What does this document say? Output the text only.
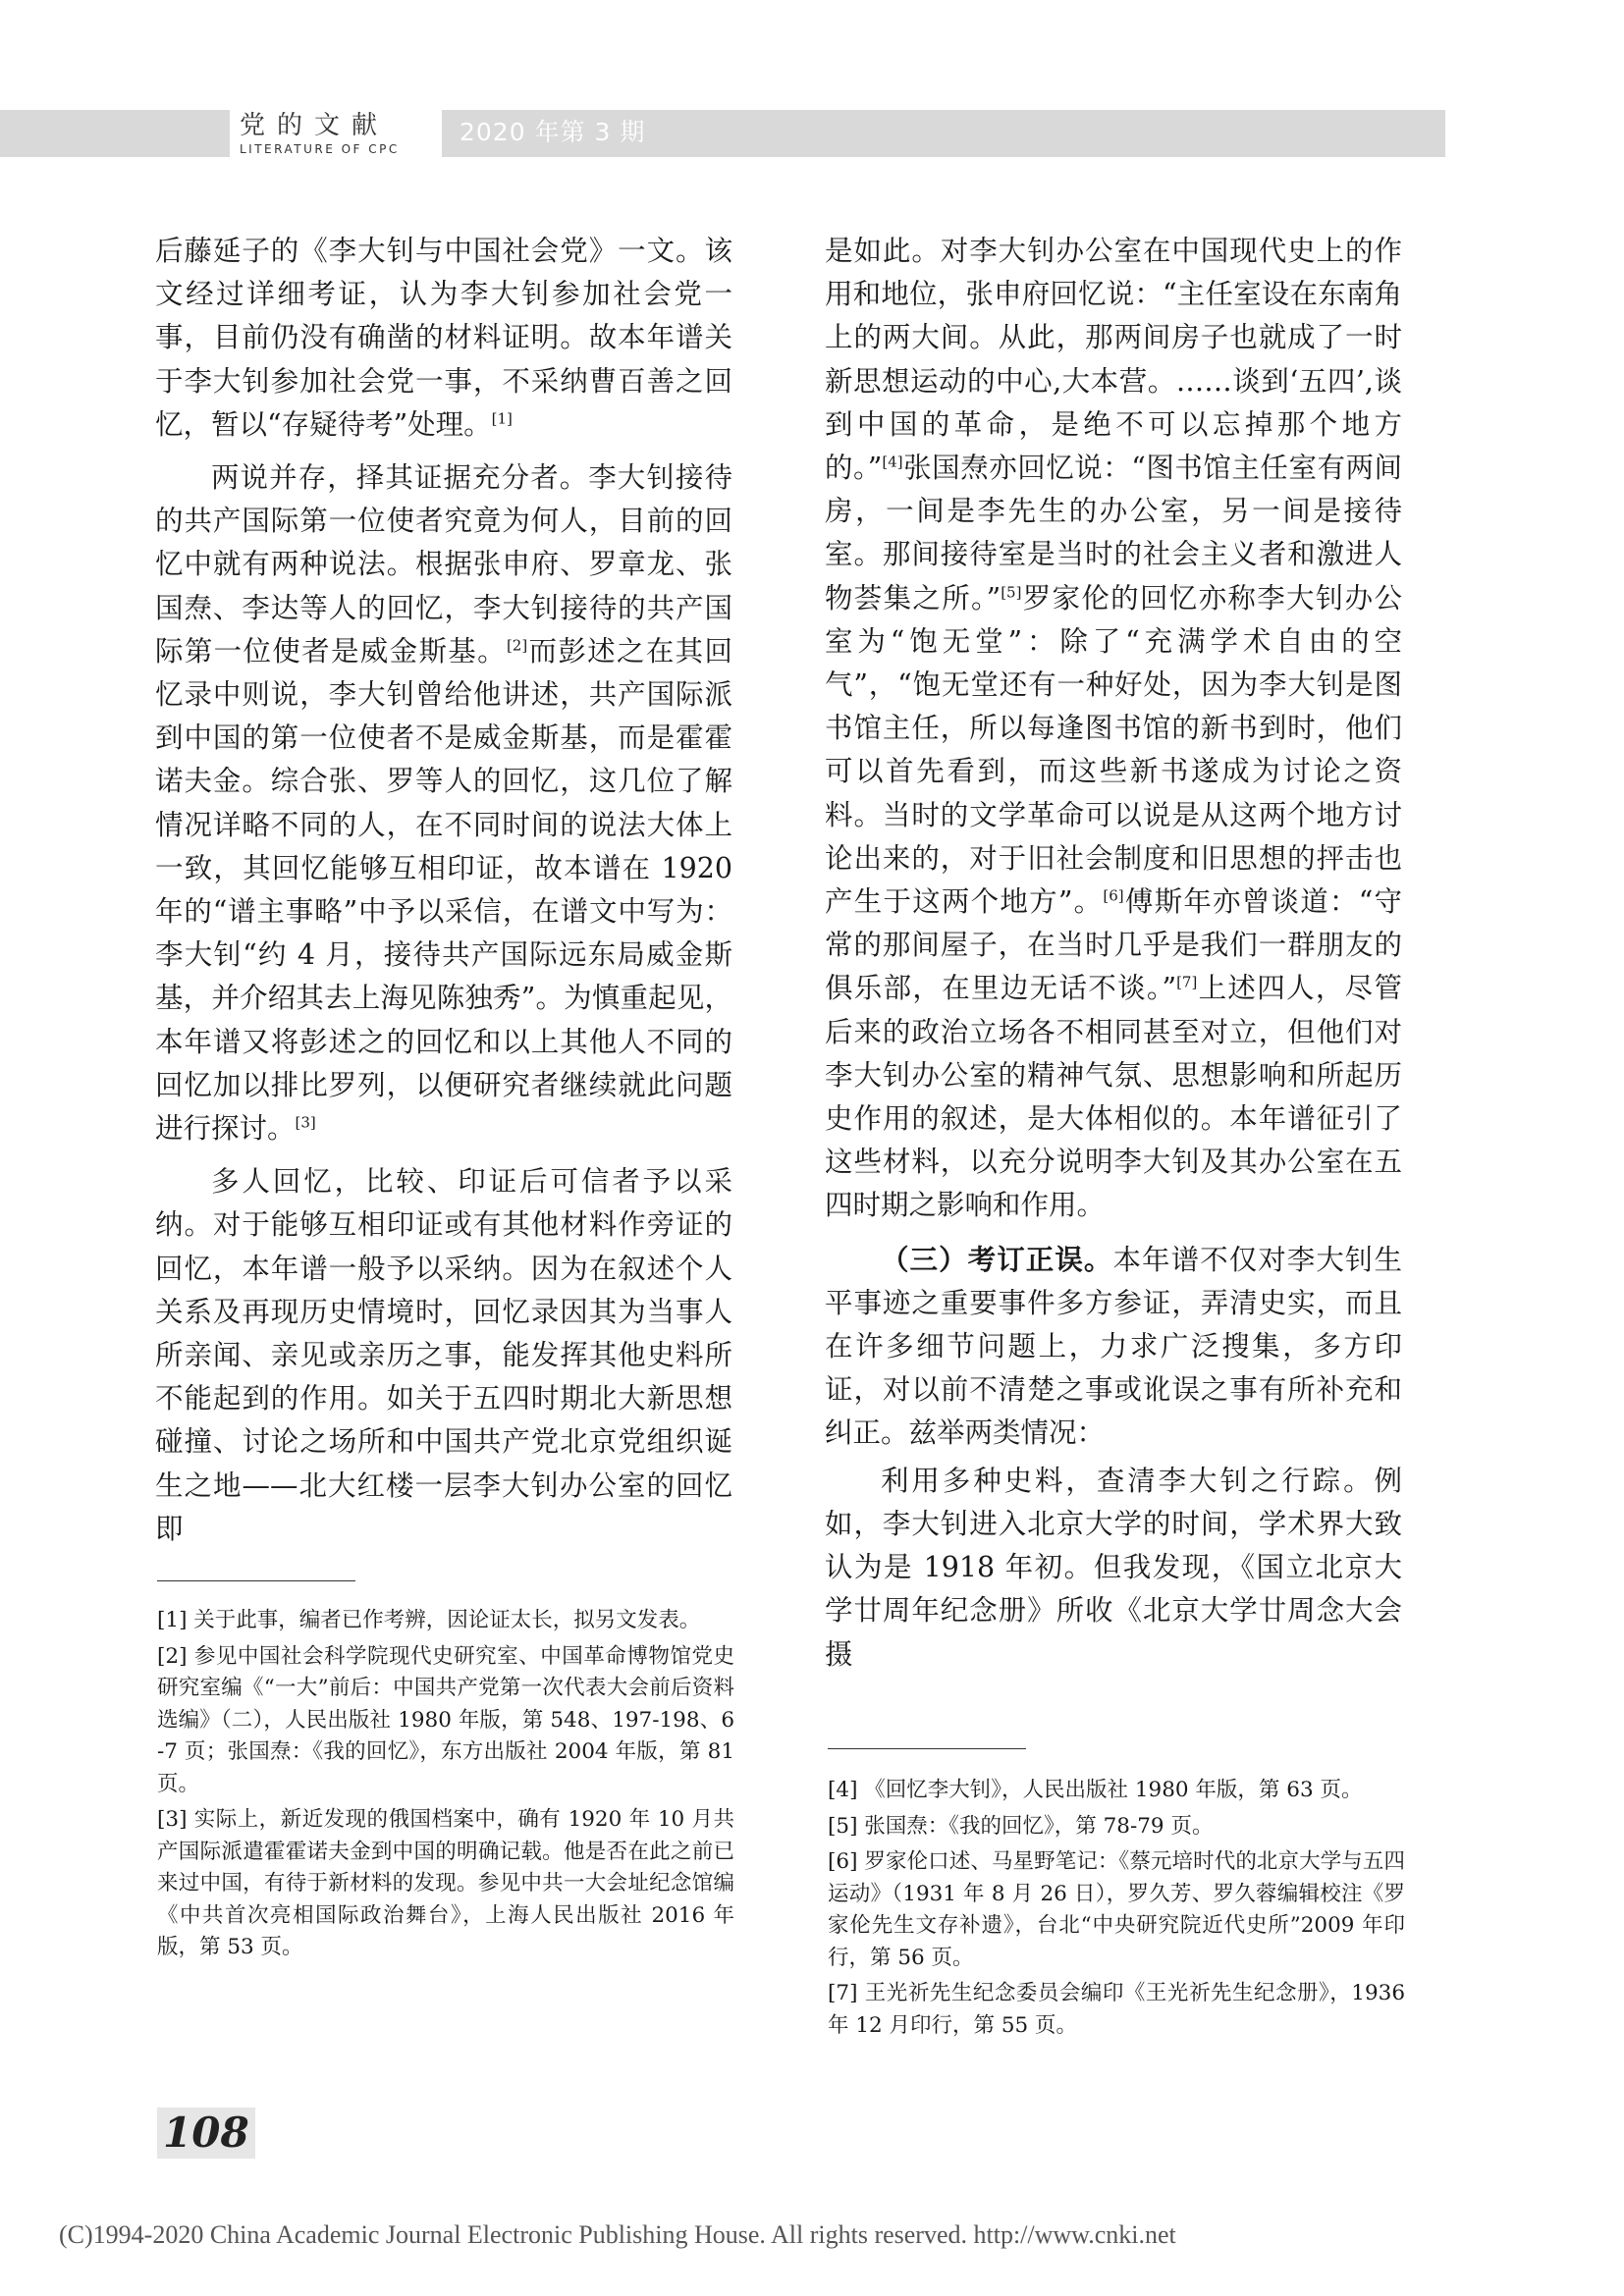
党的文献
LITERATURE OF CPC
2020 年第 3 期

后藤延子的《李大钊与中国社会党》一文。该文经过详细考证，认为李大钊参加社会党一事，目前仍没有确凿的材料证明。故本年谱关于李大钊参加社会党一事，不采纳曹百善之回忆，暂以“存疑待考”处理。[1]

两说并存，择其证据充分者。李大钊接待的共产国际第一位使者究竟为何人，目前的回忆中就有两种说法。根据张申府、罗章龙、张国焘、李达等人的回忆，李大钊接待的共产国际第一位使者是威金斯基。[2]而彭述之在其回忆录中则说，李大钊曾给他讲述，共产国际派到中国的第一位使者不是威金斯基，而是霍霍诺夫金。综合张、罗等人的回忆，这几位了解情况详略不同的人，在不同时间的说法大体上一致，其回忆能够互相印证，故本谱在 1920 年的“谱主事略”中予以采信，在谱文中写为：李大钊“约 4 月，接待共产国际远东局威金斯基，并介绍其去上海见陈独秀”。为慎重起见，本年谱又将彭述之的回忆和以上其他人不同的回忆加以排比罗列，以便研究者继续就此问题进行探讨。[3]

多人回忆，比较、印证后可信者予以采纳。对于能够互相印证或有其他材料作旁证的回忆，本年谱一般予以采纳。因为在叙述个人关系及再现历史情境时，回忆录因其为当事人所亲闻、亲见或亲历之事，能发挥其他史料所不能起到的作用。如关于五四时期北大新思想碰撞、讨论之场所和中国共产党北京党组织诞生之地——北大红楼一层李大钊办公室的回忆即

是如此。对李大钊办公室在中国现代史上的作用和地位，张申府回忆说：“主任室设在东南角上的两大间。从此，那两间房子也就成了一时新思想运动的中心,大本营。……谈到‘五四’,谈到中国的革命，是绝不可以忘掉那个地方的。”[4]张国焘亦回忆说：“图书馆主任室有两间房，一间是李先生的办公室，另一间是接待室。那间接待室是当时的社会主义者和激进人物荟集之所。”[5]罗家伦的回忆亦称李大钊办公室为“饱无堂”：除了“充满学术自由的空气”，“饱无堂还有一种好处，因为李大钊是图书馆主任，所以每逢图书馆的新书到时，他们可以首先看到，而这些新书遂成为讨论之资料。当时的文学革命可以说是从这两个地方讨论出来的，对于旧社会制度和旧思想的抨击也产生于这两个地方”。[6]傅斯年亦曾谈道：“守常的那间屋子，在当时几乎是我们一群朋友的俱乐部，在里边无话不谈。”[7]上述四人，尽管后来的政治立场各不相同甚至对立，但他们对李大钊办公室的精神气氛、思想影响和所起历史作用的叙述，是大体相似的。本年谱征引了这些材料，以充分说明李大钊及其办公室在五四时期之影响和作用。

（三）考订正误。本年谱不仅对李大钊生平事迹之重要事件多方参证，弄清史实，而且在许多细节问题上，力求广泛搜集，多方印证，对以前不清楚之事或讹误之事有所补充和纠正。兹举两类情况：

利用多种史料，查清李大钊之行踪。例如，李大钊进入北京大学的时间，学术界大致认为是 1918 年初。但我发现，《国立北京大学廿周年纪念册》所收《北京大学廿周念大会摄

[1] 关于此事，编者已作考辨，因论证太长，拟另文发表。

[2] 参见中国社会科学院现代史研究室、中国革命博物馆党史研究室编《“一大”前后：中国共产党第一次代表大会前后资料选编》（二），人民出版社 1980 年版，第 548、197-198、6-7 页；张国焘：《我的回忆》，东方出版社 2004 年版，第 81 页。

[3] 实际上，新近发现的俄国档案中，确有 1920 年 10 月共产国际派遣霍霍诺夫金到中国的明确记载。他是否在此之前已来过中国，有待于新材料的发现。参见中共一大会址纪念馆编《中共首次亮相国际政治舞台》，上海人民出版社 2016 年版，第 53 页。

[4] 《回忆李大钊》，人民出版社 1980 年版，第 63 页。

[5] 张国焘：《我的回忆》，第 78-79 页。

[6] 罗家伦口述、马星野笔记：《蔡元培时代的北京大学与五四运动》（1931 年 8 月 26 日），罗久芳、罗久蓉编辑校注《罗家伦先生文存补遗》，台北“中央研究院近代史所”2009 年印行，第 56 页。

[7] 王光祈先生纪念委员会编印《王光祈先生纪念册》，1936 年 12 月印行，第 55 页。

108
(C)1994-2020 China Academic Journal Electronic Publishing House. All rights reserved. http://www.cnki.net
